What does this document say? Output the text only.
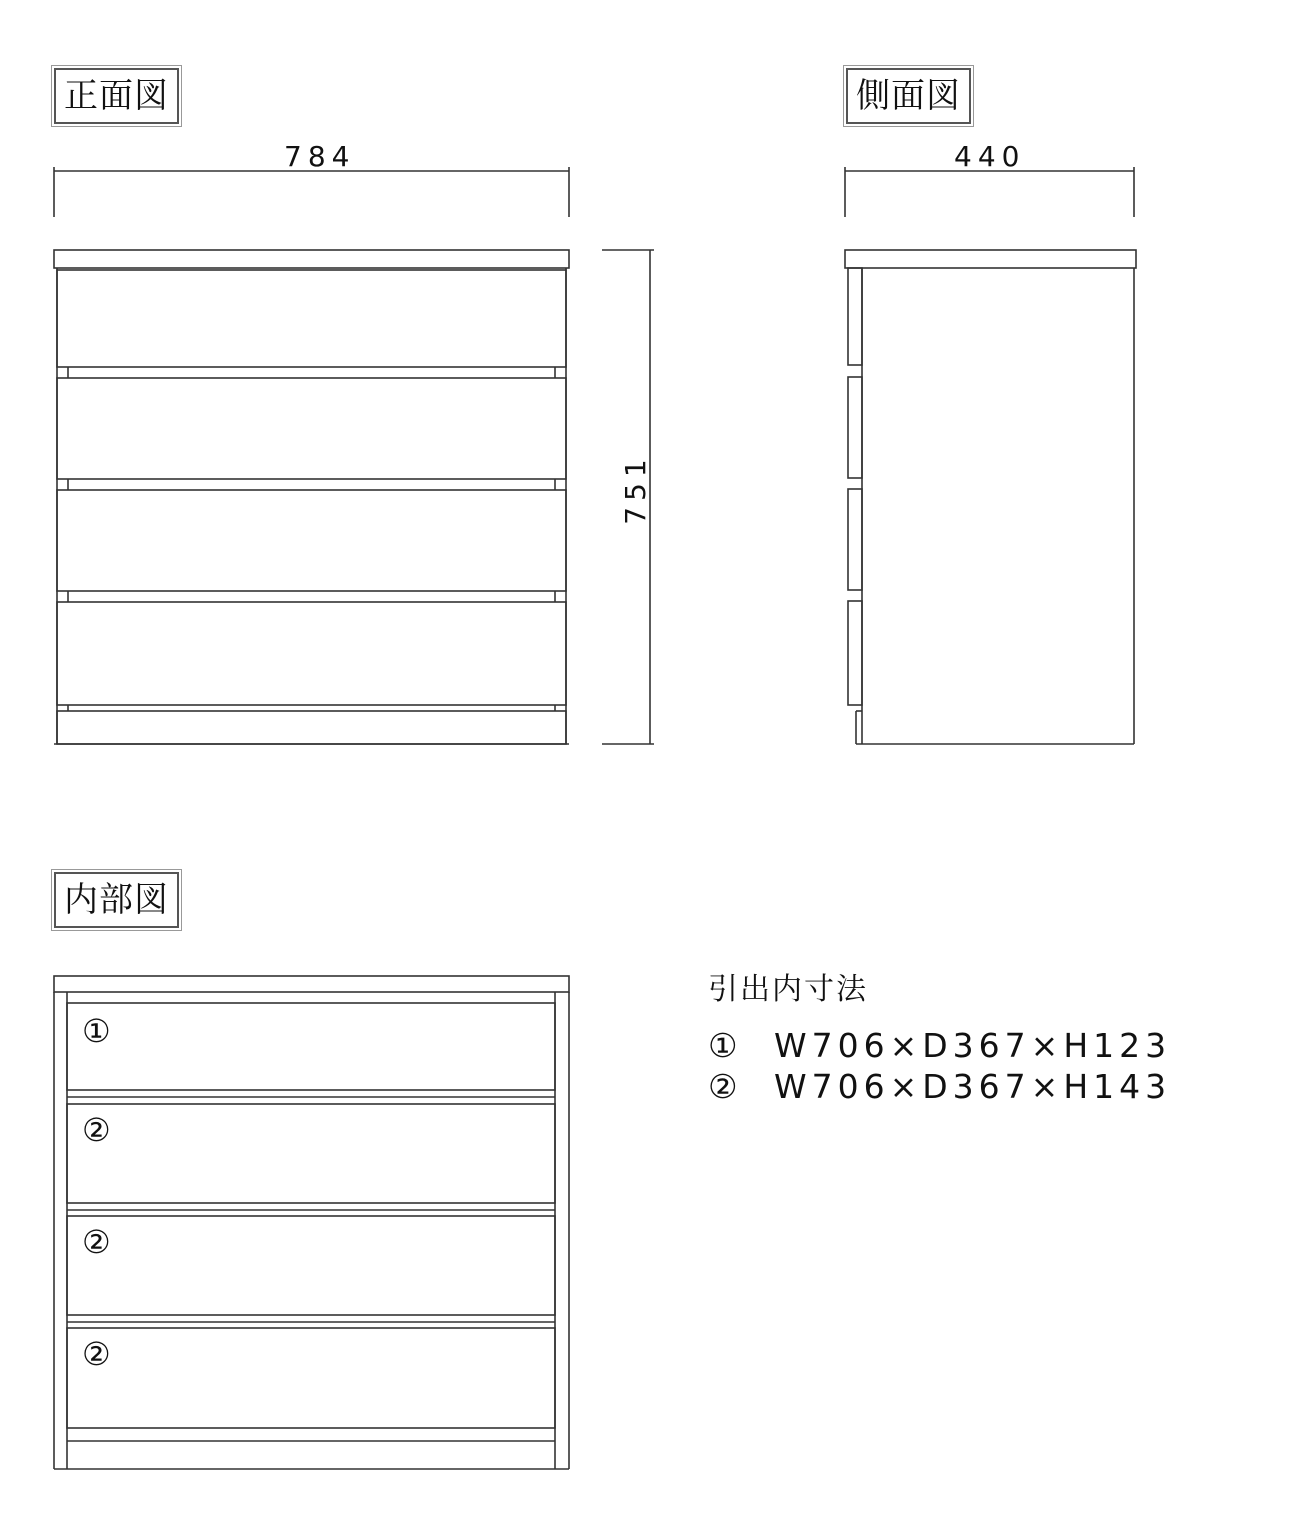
正面図
784
751
側面図
440
内部図
①
②
②
②
引出内寸法
① W706×D367×H123
② W706×D367×H143
